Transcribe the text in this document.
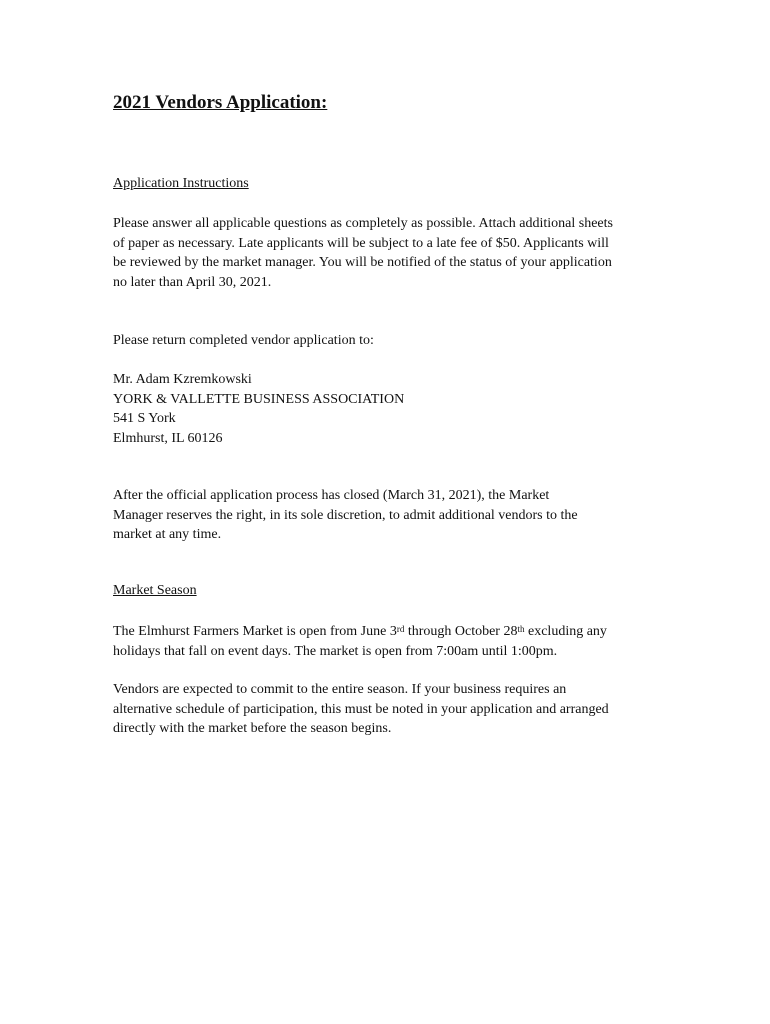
2021 Vendors Application:

Application Instructions

Please answer all applicable questions as completely as possible. Attach additional sheets
of paper as necessary. Late applicants will be subject to a late fee of $50. Applicants will
be reviewed by the market manager. You will be notified of the status of your application
no later than April 30, 2021.

Please return completed vendor application to:

Mr. Adam Kzremkowski
YORK & VALLETTE BUSINESS ASSOCIATION
541 S York
Elmhurst, IL 60126

After the official application process has closed (March 31, 2021), the Market
Manager reserves the right, in its sole discretion, to admit additional vendors to the
market at any time.

Market Season

The Elmhurst Farmers Market is open from June 3rd through October 28th excluding any
holidays that fall on event days. The market is open from 7:00am until 1:00pm.

Vendors are expected to commit to the entire season. If your business requires an
alternative schedule of participation, this must be noted in your application and arranged
directly with the market before the season begins.
